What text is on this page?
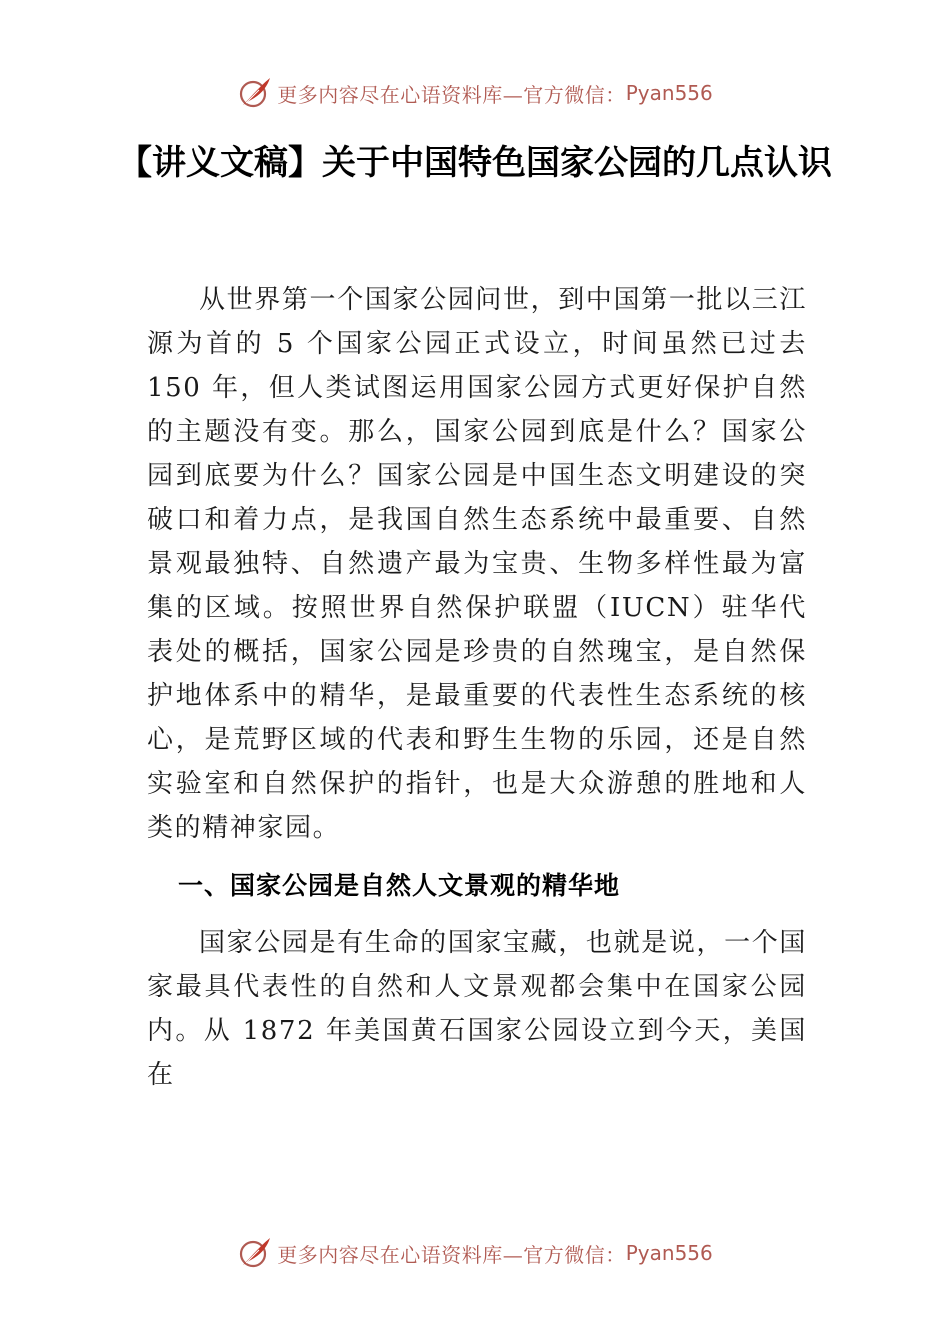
更多内容尽在心语资料库—官方微信： Pyan556
【讲义文稿】关于中国特色国家公园的几点认识

从世界第一个国家公园问世，到中国第一批以三江源为首的 5 个国家公园正式设立，时间虽然已过去 150 年，但人类试图运用国家公园方式更好保护自然的主题没有变。那么，国家公园到底是什么？国家公园到底要为什么？国家公园是中国生态文明建设的突破口和着力点，是我国自然生态系统中最重要、自然景观最独特、自然遗产最为宝贵、生物多样性最为富集的区域。按照世界自然保护联盟（IUCN）驻华代表处的概括，国家公园是珍贵的自然瑰宝，是自然保护地体系中的精华，是最重要的代表性生态系统的核心，是荒野区域的代表和野生生物的乐园，还是自然实验室和自然保护的指针，也是大众游憩的胜地和人类的精神家园。

一、国家公园是自然人文景观的精华地

国家公园是有生命的国家宝藏，也就是说，一个国家最具代表性的自然和人文景观都会集中在国家公园内。从 1872 年美国黄石国家公园设立到今天，美国在

更多内容尽在心语资料库—官方微信： Pyan556
